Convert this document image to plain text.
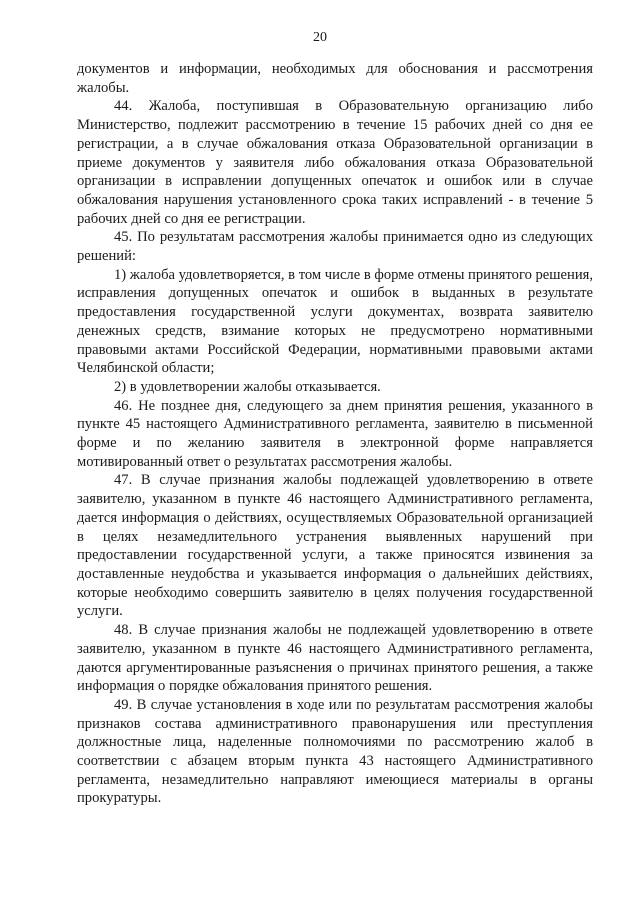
20

документов и информации, необходимых для обоснования и рассмотрения жалобы.

44. Жалоба, поступившая в Образовательную организацию либо Министерство, подлежит рассмотрению в течение 15 рабочих дней со дня ее регистрации, а в случае обжалования отказа Образовательной организации в приеме документов у заявителя либо обжалования отказа Образовательной организации в исправлении допущенных опечаток и ошибок или в случае обжалования нарушения установленного срока таких исправлений - в течение 5 рабочих дней со дня ее регистрации.

45. По результатам рассмотрения жалобы принимается одно из следующих решений:

1) жалоба удовлетворяется, в том числе в форме отмены принятого решения, исправления допущенных опечаток и ошибок в выданных в результате предоставления государственной услуги документах, возврата заявителю денежных средств, взимание которых не предусмотрено нормативными правовыми актами Российской Федерации, нормативными правовыми актами Челябинской области;

2) в удовлетворении жалобы отказывается.

46. Не позднее дня, следующего за днем принятия решения, указанного в пункте 45 настоящего Административного регламента, заявителю в письменной форме и по желанию заявителя в электронной форме направляется мотивированный ответ о результатах рассмотрения жалобы.

47. В случае признания жалобы подлежащей удовлетворению в ответе заявителю, указанном в пункте 46 настоящего Административного регламента, дается информация о действиях, осуществляемых Образовательной организацией в целях незамедлительного устранения выявленных нарушений при предоставлении государственной услуги, а также приносятся извинения за доставленные неудобства и указывается информация о дальнейших действиях, которые необходимо совершить заявителю в целях получения государственной услуги.

48. В случае признания жалобы не подлежащей удовлетворению в ответе заявителю, указанном в пункте 46 настоящего Административного регламента, даются аргументированные разъяснения о причинах принятого решения, а также информация о порядке обжалования принятого решения.

49. В случае установления в ходе или по результатам рассмотрения жалобы признаков состава административного правонарушения или преступления должностные лица, наделенные полномочиями по рассмотрению жалоб в соответствии с абзацем вторым пункта 43 настоящего Административного регламента, незамедлительно направляют имеющиеся материалы в органы прокуратуры.
